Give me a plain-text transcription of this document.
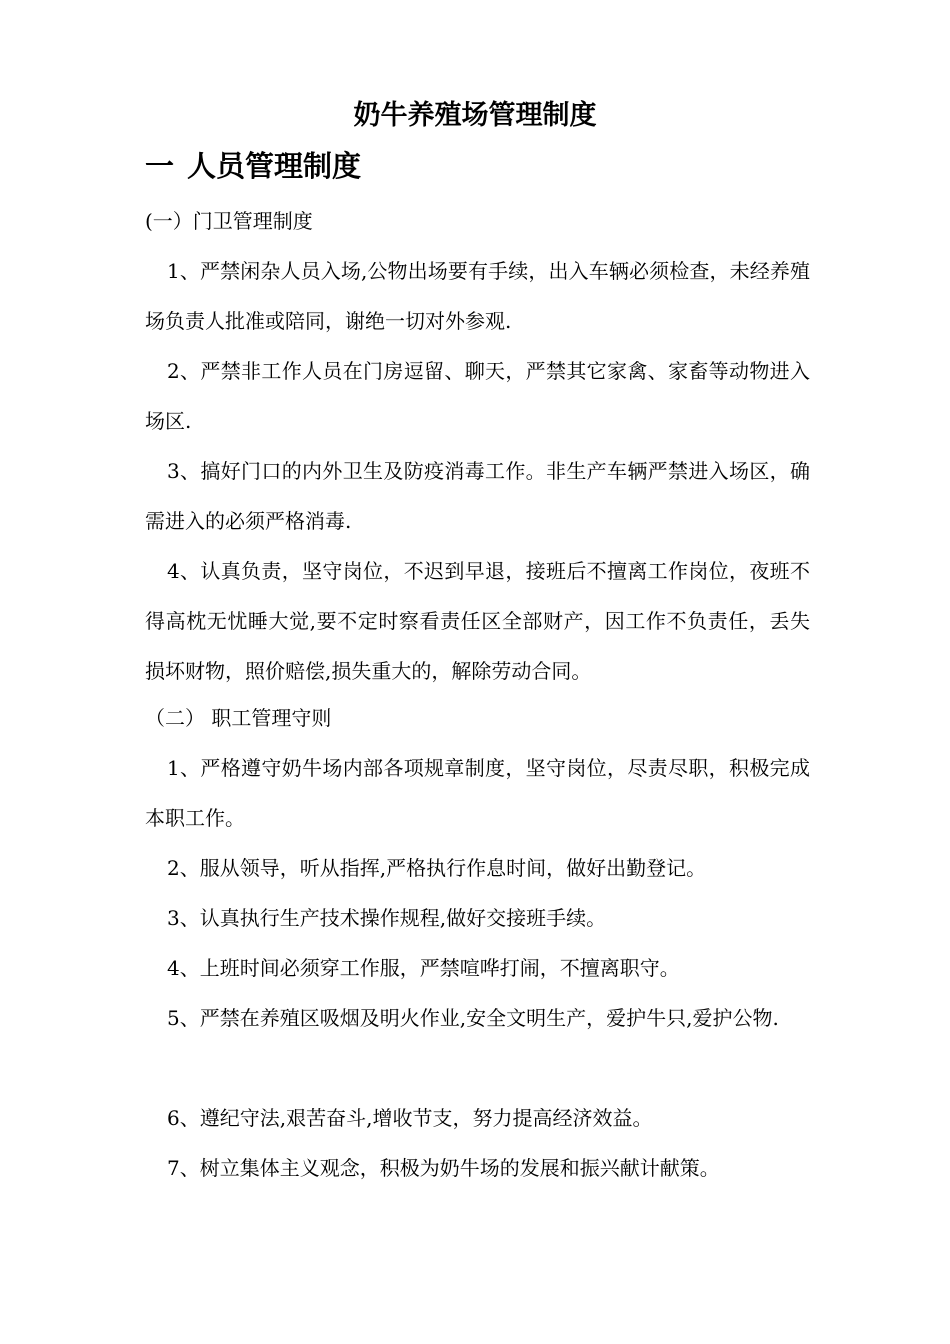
奶牛养殖场管理制度
一 人员管理制度

(一）门卫管理制度

1、严禁闲杂人员入场,公物出场要有手续，出入车辆必须检查，未经养殖场负责人批准或陪同，谢绝一切对外参观.

2、严禁非工作人员在门房逗留、聊天，严禁其它家禽、家畜等动物进入场区.

3、搞好门口的内外卫生及防疫消毒工作。非生产车辆严禁进入场区，确需进入的必须严格消毒.

4、认真负责，坚守岗位，不迟到早退，接班后不擅离工作岗位，夜班不得高枕无忧睡大觉,要不定时察看责任区全部财产，因工作不负责任，丢失损坏财物，照价赔偿,损失重大的，解除劳动合同。

（二） 职工管理守则

1、严格遵守奶牛场内部各项规章制度，坚守岗位，尽责尽职，积极完成本职工作。

2、服从领导，听从指挥,严格执行作息时间，做好出勤登记。

3、认真执行生产技术操作规程,做好交接班手续。

4、上班时间必须穿工作服，严禁喧哗打闹，不擅离职守。

5、严禁在养殖区吸烟及明火作业,安全文明生产，爱护牛只,爱护公物.

6、遵纪守法,艰苦奋斗,增收节支，努力提高经济效益。

7、树立集体主义观念，积极为奶牛场的发展和振兴献计献策。
